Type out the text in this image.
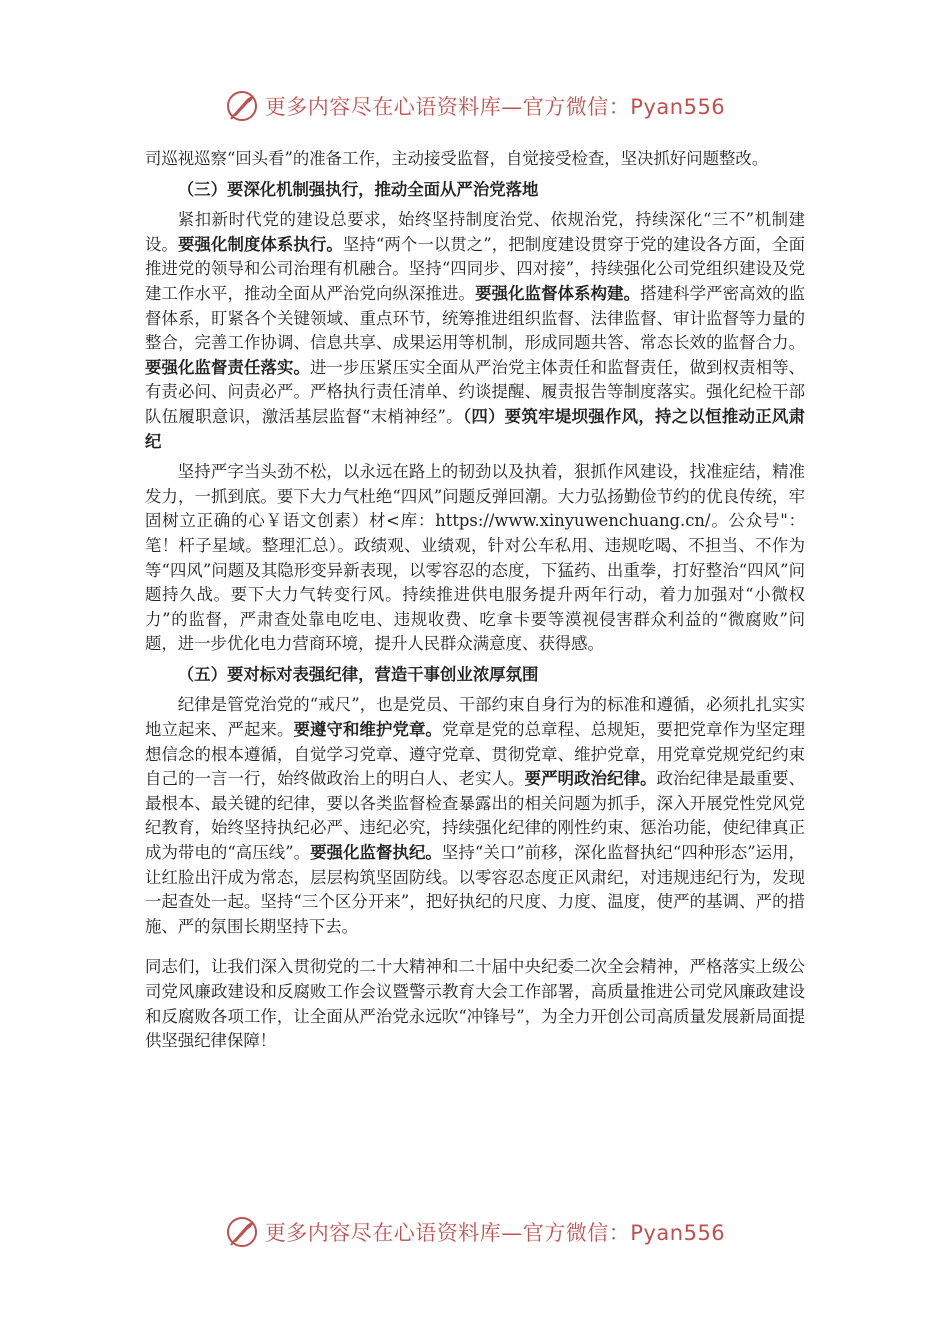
更多内容尽在心语资料库—官方微信：Pyan556

司巡视巡察“回头看”的准备工作，主动接受监督，自觉接受检查，坚决抓好问题整改。

（三）要深化机制强执行，推动全面从严治党落地

紧扣新时代党的建设总要求，始终坚持制度治党、依规治党，持续深化“三不”机制建设。要强化制度体系执行。坚持“两个一以贯之”，把制度建设贯穿于党的建设各方面，全面推进党的领导和公司治理有机融合。坚持“四同步、四对接”，持续强化公司党组织建设及党建工作水平，推动全面从严治党向纵深推进。要强化监督体系构建。搭建科学严密高效的监督体系，盯紧各个关键领域、重点环节，统筹推进组织监督、法律监督、审计监督等力量的整合，完善工作协调、信息共享、成果运用等机制，形成同题共答、常态长效的监督合力。要强化监督责任落实。进一步压紧压实全面从严治党主体责任和监督责任，做到权责相等、有责必问、问责必严。严格执行责任清单、约谈提醒、履责报告等制度落实。强化纪检干部队伍履职意识，激活基层监督“末梢神经”。（四）要筑牢堤坝强作风，持之以恒推动正风肃纪

坚持严字当头劲不松，以永远在路上的韧劲以及执着，狠抓作风建设，找准症结，精准发力，一抓到底。要下大力气杜绝“四风”问题反弹回潮。大力弘扬勤俭节约的优良传统，牢固树立正确的心￥语文创素）材<库：https://www.xinyuwenchuang.cn/。公众号"：笔！杆子星域。整理汇总）。政绩观、业绩观，针对公车私用、违规吃喝、不担当、不作为等“四风”问题及其隐形变异新表现，以零容忍的态度，下猛药、出重拳，打好整治“四风”问题持久战。要下大力气转变行风。持续推进供电服务提升两年行动，着力加强对“小微权力”的监督，严肃查处靠电吃电、违规收费、吃拿卡要等漠视侵害群众利益的“微腐败”问题，进一步优化电力营商环境，提升人民群众满意度、获得感。

（五）要对标对表强纪律，营造干事创业浓厚氛围

纪律是管党治党的“戒尺”，也是党员、干部约束自身行为的标准和遵循，必须扎扎实实地立起来、严起来。要遵守和维护党章。党章是党的总章程、总规矩，要把党章作为坚定理想信念的根本遵循，自觉学习党章、遵守党章、贯彻党章、维护党章，用党章党规党纪约束自己的一言一行，始终做政治上的明白人、老实人。要严明政治纪律。政治纪律是最重要、最根本、最关键的纪律，要以各类监督检查暴露出的相关问题为抓手，深入开展党性党风党纪教育，始终坚持执纪必严、违纪必究，持续强化纪律的刚性约束、惩治功能，使纪律真正成为带电的“高压线”。要强化监督执纪。坚持“关口”前移，深化监督执纪“四种形态”运用，让红脸出汗成为常态，层层构筑坚固防线。以零容忍态度正风肃纪，对违规违纪行为，发现一起查处一起。坚持“三个区分开来”，把好执纪的尺度、力度、温度，使严的基调、严的措施、严的氛围长期坚持下去。

同志们，让我们深入贯彻党的二十大精神和二十届中央纪委二次全会精神，严格落实上级公司党风廉政建设和反腐败工作会议暨警示教育大会工作部署，高质量推进公司党风廉政建设和反腐败各项工作，让全面从严治党永远吹“冲锋号”，为全力开创公司高质量发展新局面提供坚强纪律保障！

更多内容尽在心语资料库—官方微信：Pyan556
